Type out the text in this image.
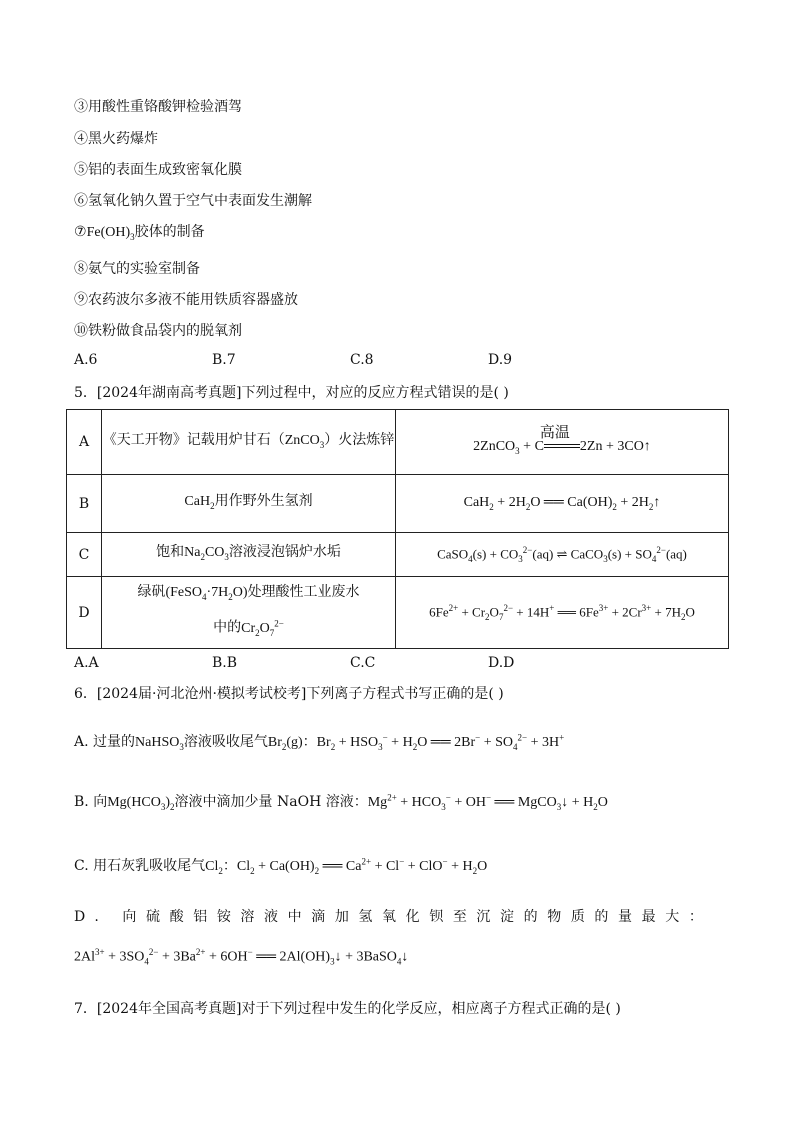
③用酸性重铬酸钾检验酒驾
④黑火药爆炸
⑤铝的表面生成致密氧化膜
⑥氢氧化钠久置于空气中表面发生潮解
$⑦Fe(OH)_3$胶体的制备
⑧氨气的实验室制备
⑨农药波尔多液不能用铁质容器盛放
⑩铁粉做食品袋内的脱氧剂
A.6	B.7	C.8	D.9
5．[2024年湖南高考真题]下列过程中，对应的反应方程式错误的是( )
A	《天工开物》记载用炉甘石（ZnCO$_3$）火法炼锌	2ZnCO$_3$ + C
高温
2Zn + 3CO↑
B	CaH$_2$用作野外生氢剂	$CaH_2 + 2H_2O$ ══ $Ca(OH)_2$ + $2H_2↑$
C	饱和$Na_2CO_3$溶液浸泡锅炉水垢	CaSO$_4$(s) + $CO_3^{2-}(aq)$ ⇌ CaCO$_3$(s) + $SO_4^{2-}(aq)$
D	绿矾$(FeSO_4\cdot 7H_2O)$处理酸性工业废水
中的$Cr_2O_7^{2-}$	$6Fe^{2+} + Cr_2O_7^{2-} + 14H^+$ ══ $6Fe^{3+} + 2Cr^{3+} + 7H_2O$
A.A	B.B	C.C	D.D
6．[2024届·河北沧州·模拟考试校考]下列离子方程式书写正确的是( )
A. 过量的NaHSO$_3$溶液吸收尾气$Br_2(g)$：$Br_2 + HSO_3^- + H_2O$ ══ $2Br^- + SO_4^{2-} + 3H^+$
B. 向$Mg(HCO_3)_2$溶液中滴加少量 NaOH 溶液：$Mg^{2+} + HCO_3^- + OH^-$ ══ MgCO$_3$↓ + $H_2O$
C. 用石灰乳吸收尾气$Cl_2$：$Cl_2 + Ca(OH)_2$ ══ $Ca^{2+} + Cl^- + ClO^- + H_2O$
D. 向硫酸铝铵溶液中滴加氢氧化钡至沉淀的物质的量最大：
$2Al^{3+} + 3SO_4^{2-} + 3Ba^{2+} + 6OH^-$ ══ $2Al(OH)_3↓$ + 3BaSO$_4$↓
7．[2024年全国高考真题]对于下列过程中发生的化学反应，相应离子方程式正确的是( )
